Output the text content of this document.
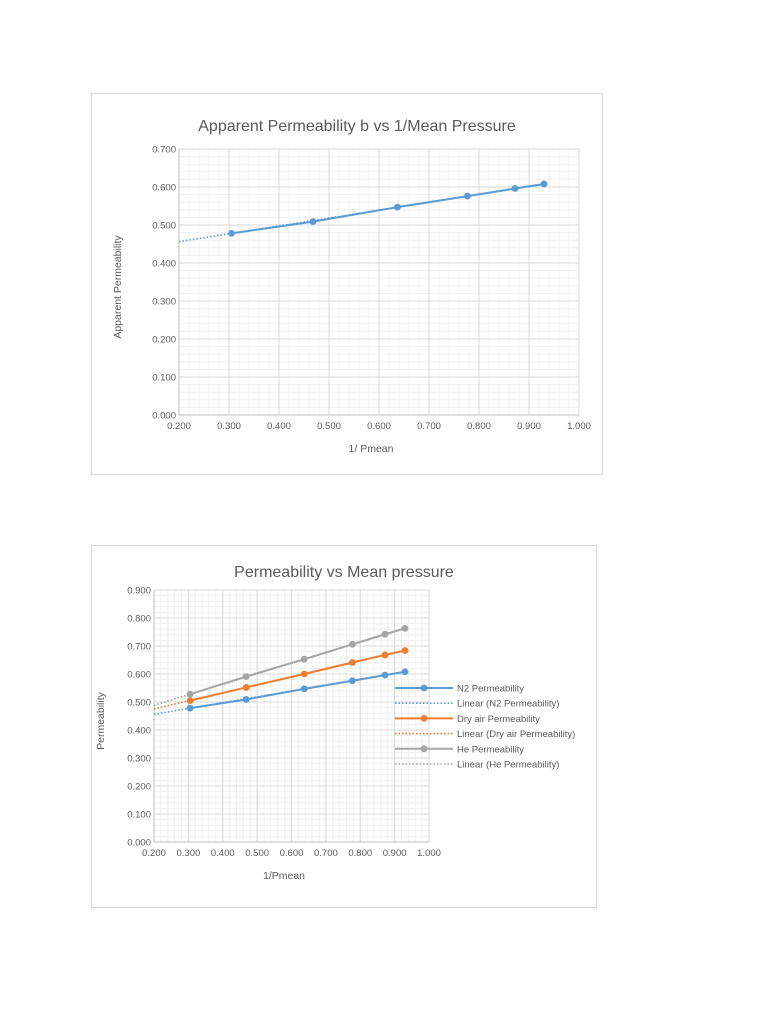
Apparent Permeability b vs 1/Mean Pressure
0.200	0.300	0.400	0.500	0.600	0.700	0.800	0.900	1.000
0.000
0.100
0.200
0.300
0.400
0.500
0.600
0.700
1/ Pmean
Apparent Permeability
Permeability vs Mean pressure
0.200 0.300 0.400 0.500 0.600 0.700 0.800 0.900 1.000
0.000
0.100
0.200
0.300
0.400
0.500
0.600
0.700
0.800
0.900
N2 Permeability
Linear (N2 Permeability)
Dry air Permeability
Linear (Dry air Permeability)
He Permeability
Linear (He Permeability)
1/Pmean
Permeability
